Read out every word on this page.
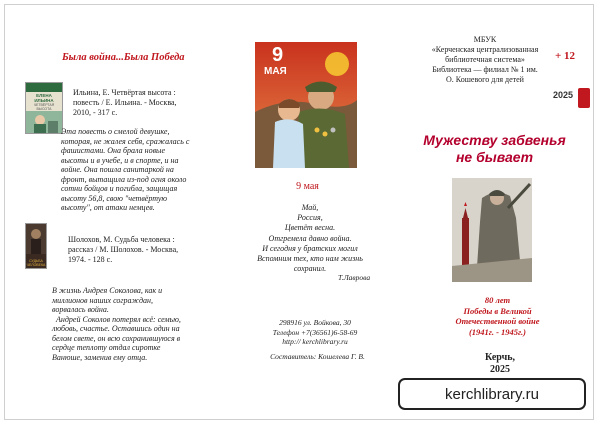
Была война...Была Победа
ЕЛЕНА ИЛЬИНА
ЧЕТВЁРТАЯ ВЫСОТА
Ильина, Е. Четвёртая высота :
повесть / Е. Ильина. - Москва,
2010, - 317 с.
Эта повесть о смелой девушке,
которая, не жалея себя, сражалась с
фашистами. Она брала новые
высоты и в учебе, и в спорте, и на
войне. Она пошла санитаркой на
фронт, вытащила из-под огня около
сотни бойцов и погибла, защищая
высоту 56,8, свою "четвёртую
высоту", от атаки немцев.
СУДЬБА ЧЕЛОВЕКА
Шолохов, М. Судьба человека :
рассказ / М. Шолохов. - Москва,
1974. - 128 с.
В жизнь Андрея Соколова, как и
миллионов наших сограждан,
ворвалась война.
Андрей Соколов потерял всё: семью,
любовь, счастье. Оставшись один на
белом свете, он всю сохранившуюся в
сердце теплоту отдал сиротке
Ванюше, заменив ему отца.
9
МАЯ
9 мая
Май,
Россия,
Цветёт весна.
Отгремела давно война.
И сегодня у братских могил
Вспомним тех, кто нам жизнь
сохранил.
Т.Лаврова
298916 ул. Войкова, 30
Телефон +7(36561)6-58-69
http:// kerchlibrary.ru
Составитель: Кошелева Г. В.
МБУК
«Керченская централизованная
библиотечная система»
Библиотека — филиал № 1 им.
О. Кошевого для детей
+ 12
2025
Мужеству забвенья
не бывает
80 лет
Победы в Великой
Отечественной войне
(1941г. - 1945г.)
Керчь,
2025
kerchlibrary.ru
